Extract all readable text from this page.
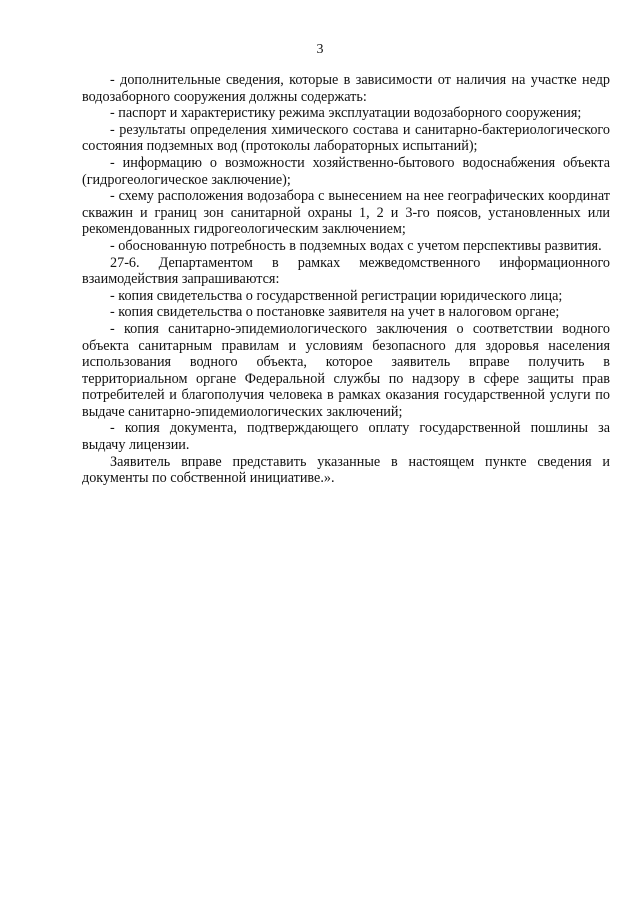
3

- дополнительные сведения, которые в зависимости от наличия на участке недр водозаборного сооружения должны содержать:

- паспорт и характеристику режима эксплуатации водозаборного сооружения;

- результаты определения химического состава и санитарно-бактериологического состояния подземных вод (протоколы лабораторных испытаний);

- информацию о возможности хозяйственно-бытового водоснабжения объекта (гидрогеологическое заключение);

- схему расположения водозабора с вынесением на нее географических координат скважин и границ зон санитарной охраны 1, 2 и 3-го поясов, установленных или рекомендованных гидрогеологическим заключением;

- обоснованную потребность в подземных водах с учетом перспективы развития.

27-6. Департаментом в рамках межведомственного информационного взаимодействия запрашиваются:

- копия свидетельства о государственной регистрации юридического лица;

- копия свидетельства о постановке заявителя на учет в налоговом органе;

- копия санитарно-эпидемиологического заключения о соответствии водного объекта санитарным правилам и условиям безопасного для здоровья населения использования водного объекта, которое заявитель вправе получить в территориальном органе Федеральной службы по надзору в сфере защиты прав потребителей и благополучия человека в рамках оказания государственной услуги по выдаче санитарно-эпидемиологических заключений;

- копия документа, подтверждающего оплату государственной пошлины за выдачу лицензии.

Заявитель вправе представить указанные в настоящем пункте сведения и документы по собственной инициативе.».
